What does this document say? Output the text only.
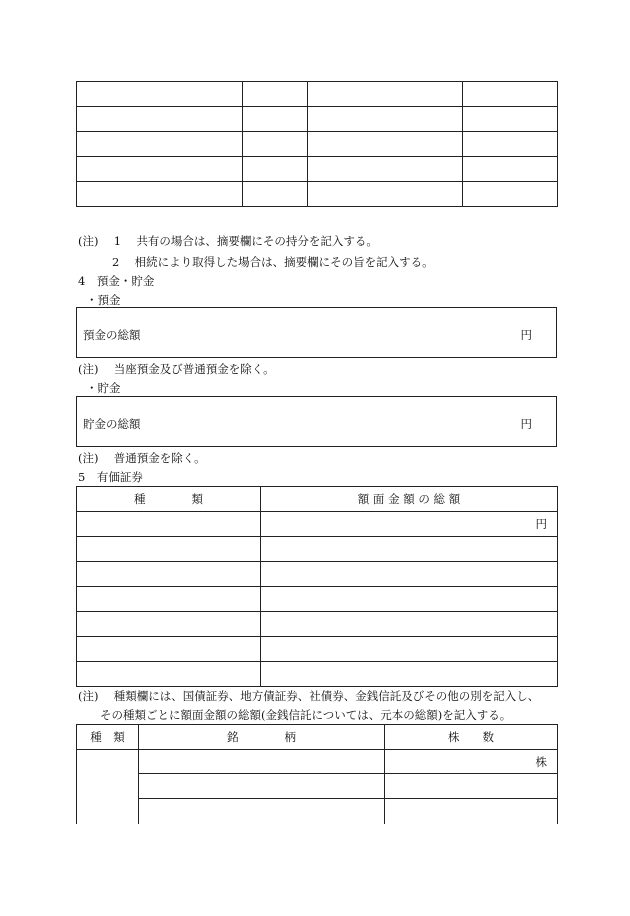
(注) 1 共有の場合は、摘要欄にその持分を記入する。
2 相続により取得した場合は、摘要欄にその旨を記入する。
4　預金・貯金
・預金
預金の総額	円
(注) 当座預金及び普通預金を除く。
・貯金
貯金の総額	円
(注) 普通預金を除く。
5　有価証券
種　　　　類	額 面 金 額 の 総 額
	円

(注) 種類欄には、国債証券、地方債証券、社債券、金銭信託及びその他の別を記入し、
その種類ごとに額面金額の総額(金銭信託については、元本の総額)を記入する。
種　類	銘　　　　柄	株　　数
		株
